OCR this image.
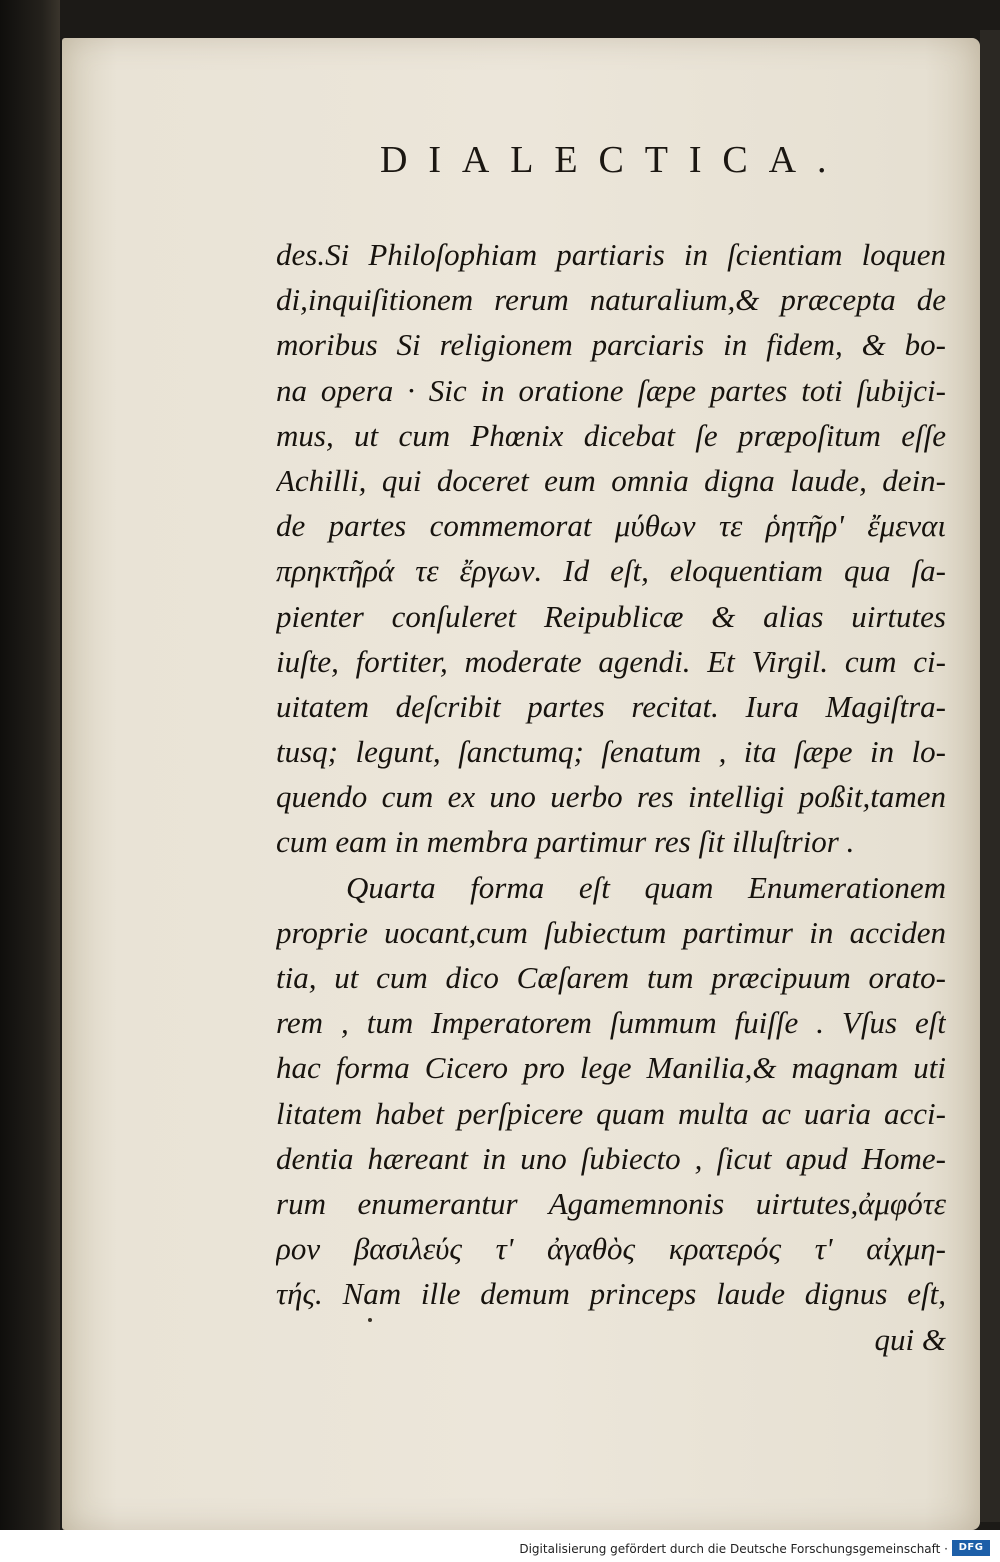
DIALECTICA.
des.Si Philoſophiam partiaris in ſcientiam loquen
di,inquiſitionem rerum naturalium,& præcepta de
moribus Si religionem parciaris in fidem, & bo-
na opera · Sic in oratione ſæpe partes toti ſubijci-
mus, ut cum Phœnix dicebat ſe præpoſitum eſſe
Achilli, qui doceret eum omnia digna laude, dein-
de partes commemorat μύθων τε ῥητῆρ' ἔμεναι
πρηκτῆρά τε ἔργων. Id eſt, eloquentiam qua ſa-
pienter conſuleret Reipublicæ & alias uirtutes
iuſte, fortiter, moderate agendi. Et Virgil. cum ci-
uitatem deſcribit partes recitat. Iura Magiſtra-
tusq; legunt, ſanctumq; ſenatum , ita ſæpe in lo-
quendo cum ex uno uerbo res intelligi poßit,tamen
cum eam in membra partimur res ſit illuſtrior .
Quarta forma eſt quam Enumerationem
proprie uocant,cum ſubiectum partimur in acciden
tia, ut cum dico Cæſarem tum præcipuum orato-
rem , tum Imperatorem ſummum fuiſſe . Vſus eſt
hac forma Cicero pro lege Manilia,& magnam uti
litatem habet perſpicere quam multa ac uaria acci-
dentia hæreant in uno ſubiecto , ſicut apud Home-
rum enumerantur Agamemnonis uirtutes,ἀμφότε
ρον βασιλεύς τ' ἀγαθὸς κρατερός τ' αἰχμη-
τής. Nam ille demum princeps laude dignus eſt,
qui &
Digitalisierung gefördert durch die Deutsche Forschungsgemeinschaft ·	DFG
